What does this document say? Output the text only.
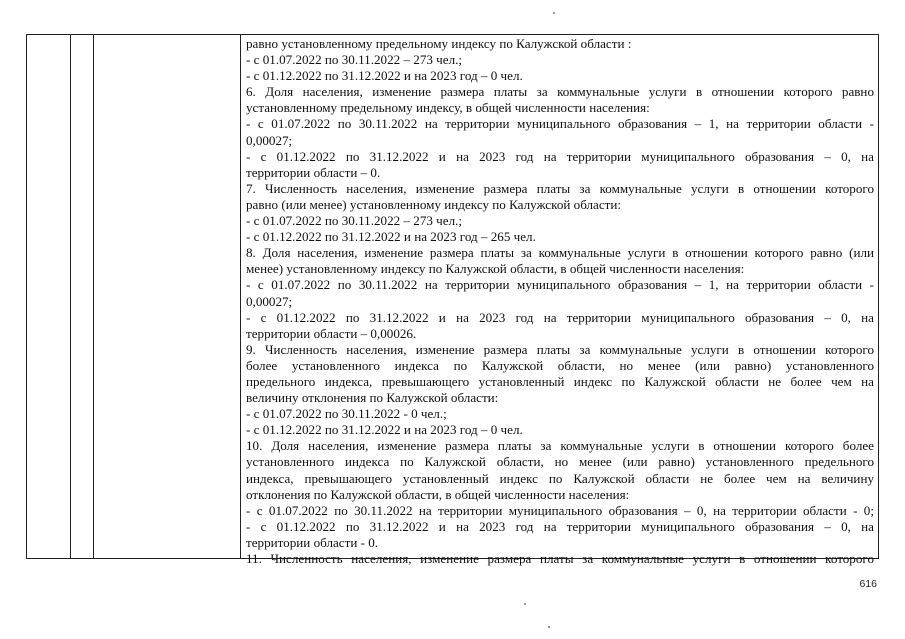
равно установленному предельному индексу по Калужской области :
- с 01.07.2022 по 30.11.2022 – 273 чел.;
- с 01.12.2022 по 31.12.2022 и на 2023 год – 0 чел.
6. Доля населения, изменение размера платы за коммунальные услуги в отношении которого равно
установленному предельному индексу, в общей численности населения:
- с 01.07.2022 по 30.11.2022 на территории муниципального образования – 1, на территории области -
0,00027;
- с 01.12.2022 по 31.12.2022 и на 2023 год на территории муниципального образования – 0, на
территории области – 0.
7. Численность населения, изменение размера платы за коммунальные услуги в отношении которого
равно (или менее) установленному индексу по Калужской области:
- с 01.07.2022 по 30.11.2022 – 273 чел.;
- с 01.12.2022 по 31.12.2022 и на 2023 год – 265 чел.
8. Доля населения, изменение размера платы за коммунальные услуги в отношении которого равно (или
менее) установленному индексу по Калужской области, в общей численности населения:
- с 01.07.2022 по 30.11.2022 на территории муниципального образования – 1, на территории области -
0,00027;
- с 01.12.2022 по 31.12.2022 и на 2023 год на территории муниципального образования – 0, на
территории области – 0,00026.
9. Численность населения, изменение размера платы за коммунальные услуги в отношении которого
более установленного индекса по Калужской области, но менее (или равно) установленного
предельного индекса, превышающего установленный индекс по Калужской области не более чем на
величину отклонения по Калужской области:
- с 01.07.2022 по 30.11.2022 - 0 чел.;
- с 01.12.2022 по 31.12.2022 и на 2023 год – 0 чел.
10. Доля населения, изменение размера платы за коммунальные услуги в отношении которого более
установленного индекса по Калужской области, но менее (или равно) установленного предельного
индекса, превышающего установленный индекс по Калужской области не более чем на величину
отклонения по Калужской области, в общей численности населения:
- с 01.07.2022 по 30.11.2022 на территории муниципального образования – 0, на территории области - 0;
- с 01.12.2022 по 31.12.2022 и на 2023 год на территории муниципального образования – 0, на
территории области - 0.
11. Численность населения, изменение размера платы за коммунальные услуги в отношении которого
616
